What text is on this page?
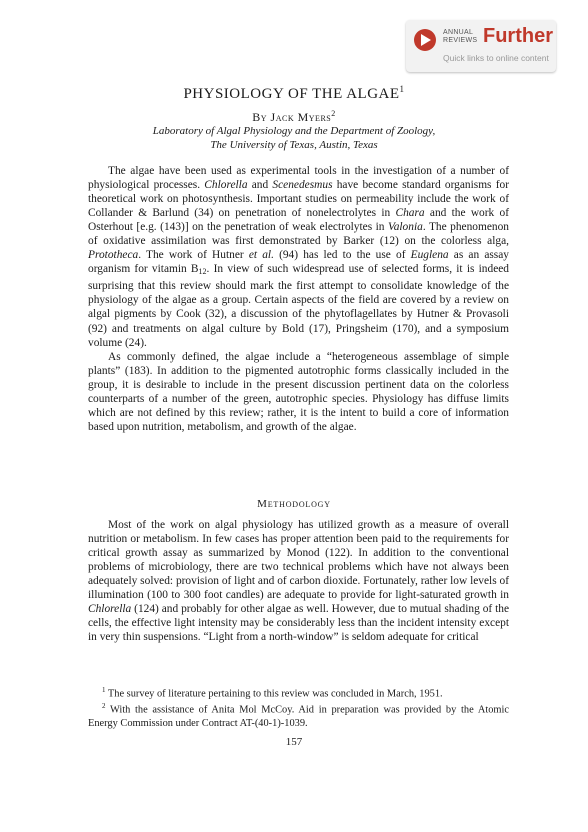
ANNUAL
REVIEWS Further
Quick links to online content
PHYSIOLOGY OF THE ALGAE$^1$
By Jack Myers$^2$
Laboratory of Algal Physiology and the Department of Zoology,
The University of Texas, Austin, Texas

The algae have been used as experimental tools in the investigation of a number of physiological processes. Chlorella and Scenedesmus have become standard organisms for theoretical work on photosynthesis. Important studies on permeability include the work of Collander & Barlund (34) on penetration of nonelectrolytes in Chara and the work of Osterhout [e.g. (143)] on the penetration of weak electrolytes in Valonia. The phenomenon of oxidative assimilation was first demonstrated by Barker (12) on the colorless alga, Prototheca. The work of Hutner et al. (94) has led to the use of Euglena as an assay organism for vitamin $B_{12}$. In view of such widespread use of selected forms, it is indeed surprising that this review should mark the first attempt to consolidate knowledge of the physiology of the algae as a group. Certain aspects of the field are covered by a review on algal pigments by Cook (32), a discussion of the phytoflagellates by Hutner & Provasoli (92) and treatments on algal culture by Bold (17), Pringsheim (170), and a symposium volume (24).

As commonly defined, the algae include a “heterogeneous assemblage of simple plants” (183). In addition to the pigmented autotrophic forms classically included in the group, it is desirable to include in the present discussion pertinent data on the colorless counterparts of a number of the green, autotrophic species. Physiology has diffuse limits which are not defined by this review; rather, it is the intent to build a core of information based upon nutrition, metabolism, and growth of the algae.

Methodology

Most of the work on algal physiology has utilized growth as a measure of overall nutrition or metabolism. In few cases has proper attention been paid to the requirements for critical growth assay as summarized by Monod (122). In addition to the conventional problems of microbiology, there are two technical problems which have not always been adequately solved: provision of light and of carbon dioxide. Fortunately, rather low levels of illumination (100 to 300 foot candles) are adequate to provide for light-saturated growth in Chlorella (124) and probably for other algae as well. However, due to mutual shading of the cells, the effective light intensity may be considerably less than the incident intensity except in very thin suspensions. “Light from a north-window” is seldom adequate for critical

$^1$ The survey of literature pertaining to this review was concluded in March, 1951.

$^2$ With the assistance of Anita Mol McCoy. Aid in preparation was provided by the Atomic Energy Commission under Contract AT-(40-1)-1039.

157
